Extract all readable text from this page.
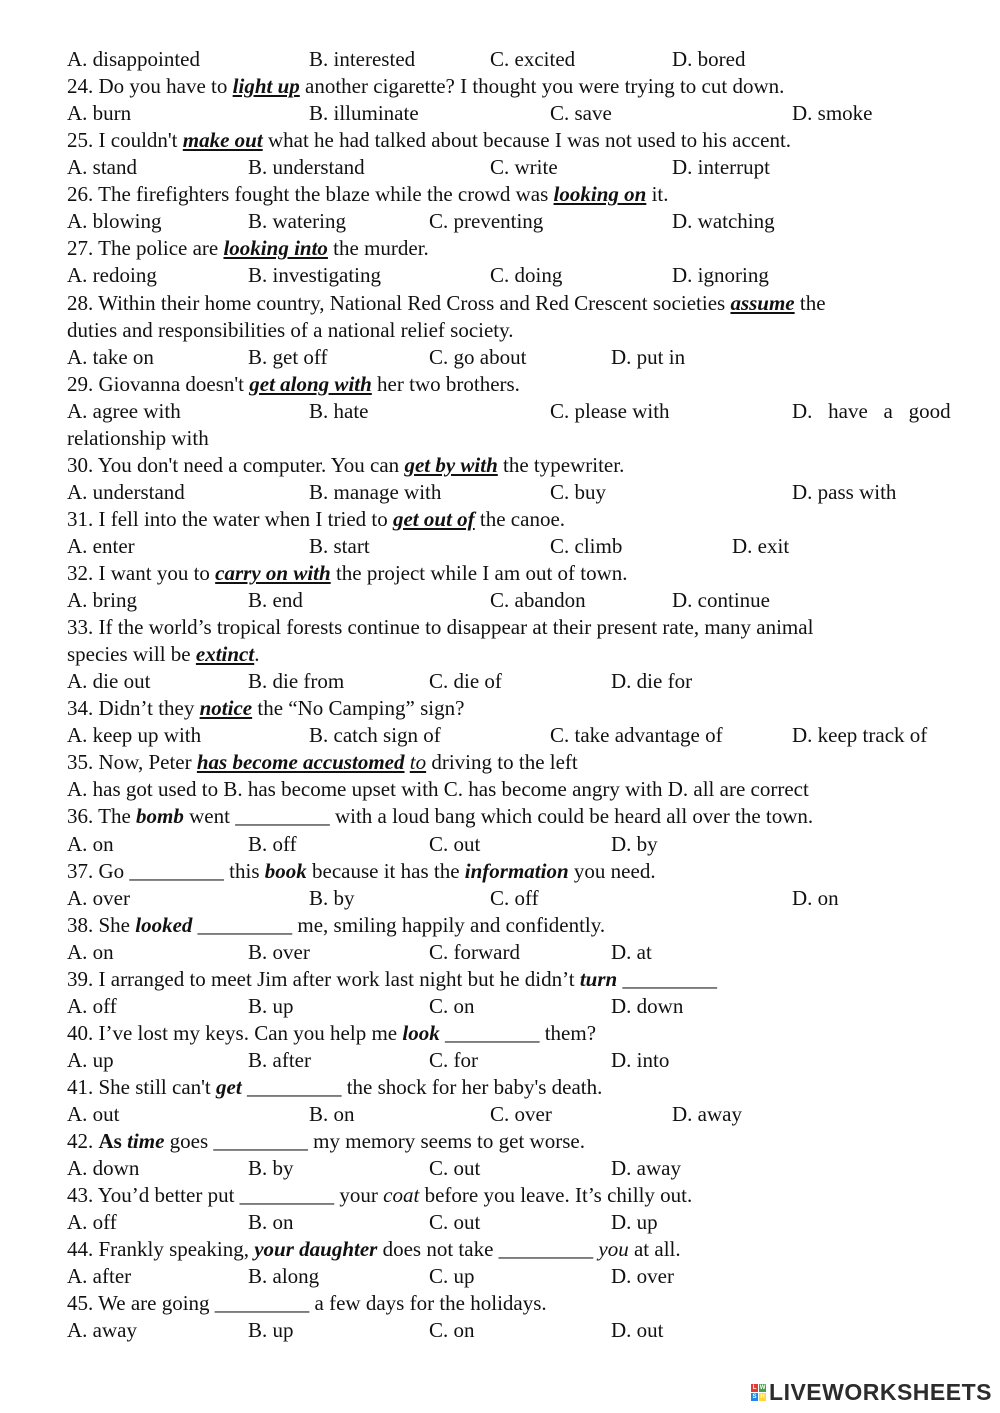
A. disappointed	B. interested	C. excited	D. bored
24. Do you have to light up another cigarette? I thought you were trying to cut down.
A. burn	B. illuminate	C. save	D. smoke
25. I couldn't make out what he had talked about because I was not used to his accent.
A. stand	B. understand	C. write	D. interrupt
26. The firefighters fought the blaze while the crowd was looking on it.
A. blowing	B. watering	C. preventing	D. watching
27. The police are looking into the murder.
A. redoing	B. investigating	C. doing	D. ignoring
28. Within their home country, National Red Cross and Red Crescent societies assume the
duties and responsibilities of a national relief society.
A. take on	B. get off	C. go about	D. put in
29. Giovanna doesn't get along with her two brothers.
A. agree with	B. hate	C. please with	D.   have   a   good
relationship with
30. You don't need a computer. You can get by with the typewriter.
A. understand	B. manage with	C. buy	D. pass with
31. I fell into the water when I tried to get out of the canoe.
A. enter	B. start	C. climb	D. exit
32. I want you to carry on with the project while I am out of town.
A. bring	B. end	C. abandon	D. continue
33. If the world’s tropical forests continue to disappear at their present rate, many animal
species will be extinct.
A. die out	B. die from	C. die of	D. die for
34. Didn’t they notice the “No Camping” sign?
A. keep up with	B. catch sign of	C. take advantage of	D. keep track of
35. Now, Peter has become accustomed to driving to the left
A. has got used to B. has become upset with C. has become angry with D. all are correct
36. The bomb went _________ with a loud bang which could be heard all over the town.
A. on	B. off	C. out	D. by
37. Go _________ this book because it has the information you need.
A. over	B. by	C. off	D. on
38. She looked _________ me, smiling happily and confidently.
A. on	B. over	C. forward	D. at
39. I arranged to meet Jim after work last night but he didn’t turn _________
A. off	B. up	C. on	D. down
40. I’ve lost my keys. Can you help me look _________ them?
A. up	B. after	C. for	D. into
41. She still can't get _________ the shock for her baby's death.
A. out	B. on	C. over	D. away
42. As time goes _________ my memory seems to get worse.
A. down	B. by	C. out	D. away
43. You’d better put _________ your coat before you leave. It’s chilly out.
A. off	B. on	C. out	D. up
44. Frankly speaking, your daughter does not take _________ you at all.
A. after	B. along	C. up	D. over
45. We are going _________ a few days for the holidays.
A. away	B. up	C. on	D. out
L W
S H LIVEWORKSHEETS
